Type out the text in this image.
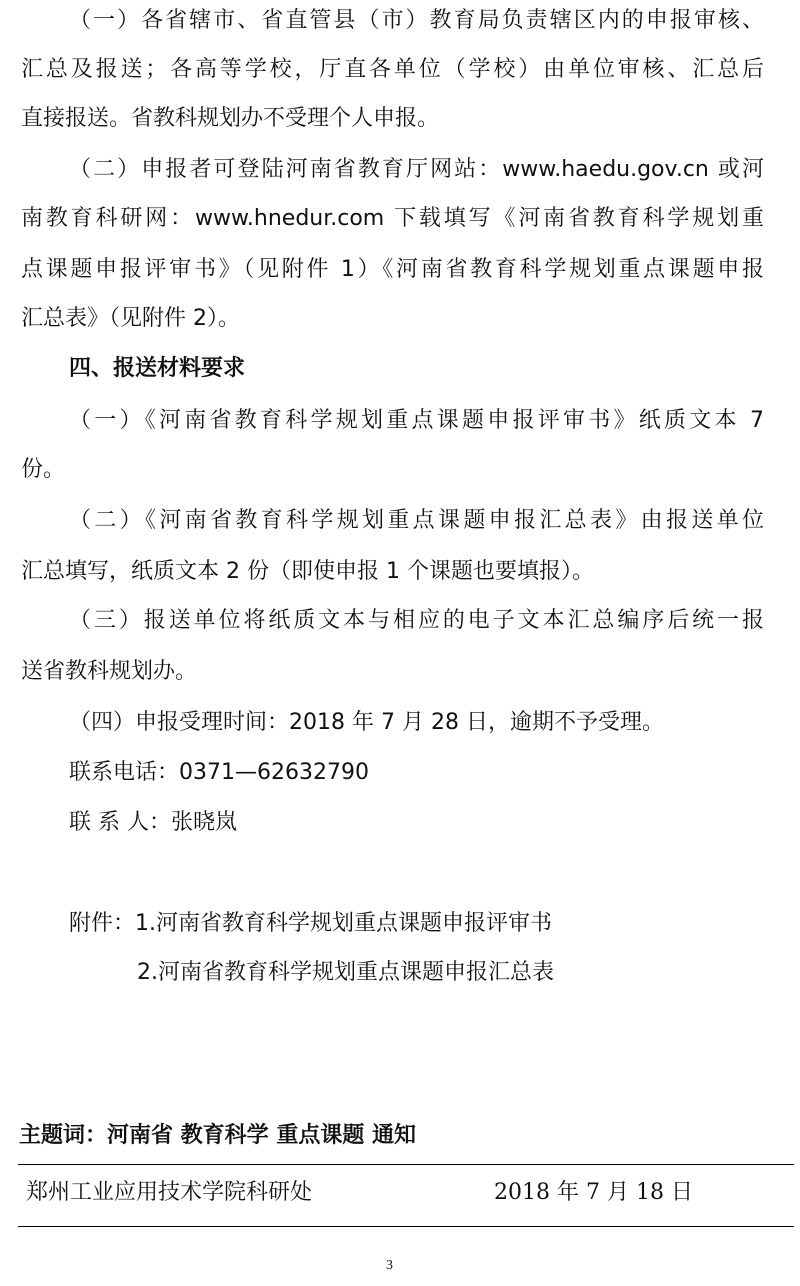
（一）各省辖市、省直管县（市）教育局负责辖区内的申报审核、
汇总及报送；各高等学校，厅直各单位（学校）由单位审核、汇总后
直接报送。省教科规划办不受理个人申报。
（二）申报者可登陆河南省教育厅网站：www.haedu.gov.cn 或河
南教育科研网：www.hnedur.com 下载填写《河南省教育科学规划重
点课题申报评审书》（见附件 1）《河南省教育科学规划重点课题申报
汇总表》（见附件 2）。
四、报送材料要求
（一）《河南省教育科学规划重点课题申报评审书》纸质文本 7
份。
（二）《河南省教育科学规划重点课题申报汇总表》由报送单位
汇总填写，纸质文本 2 份（即使申报 1 个课题也要填报）。
（三）报送单位将纸质文本与相应的电子文本汇总编序后统一报
送省教科规划办。
（四）申报受理时间：2018 年 7 月 28 日，逾期不予受理。
联系电话：0371—62632790
联 系 人：张晓岚
附件：1.河南省教育科学规划重点课题申报评审书
2.河南省教育科学规划重点课题申报汇总表
主题词：河南省 教育科学 重点课题 通知
郑州工业应用技术学院科研处	2018 年 7 月 18 日
3
